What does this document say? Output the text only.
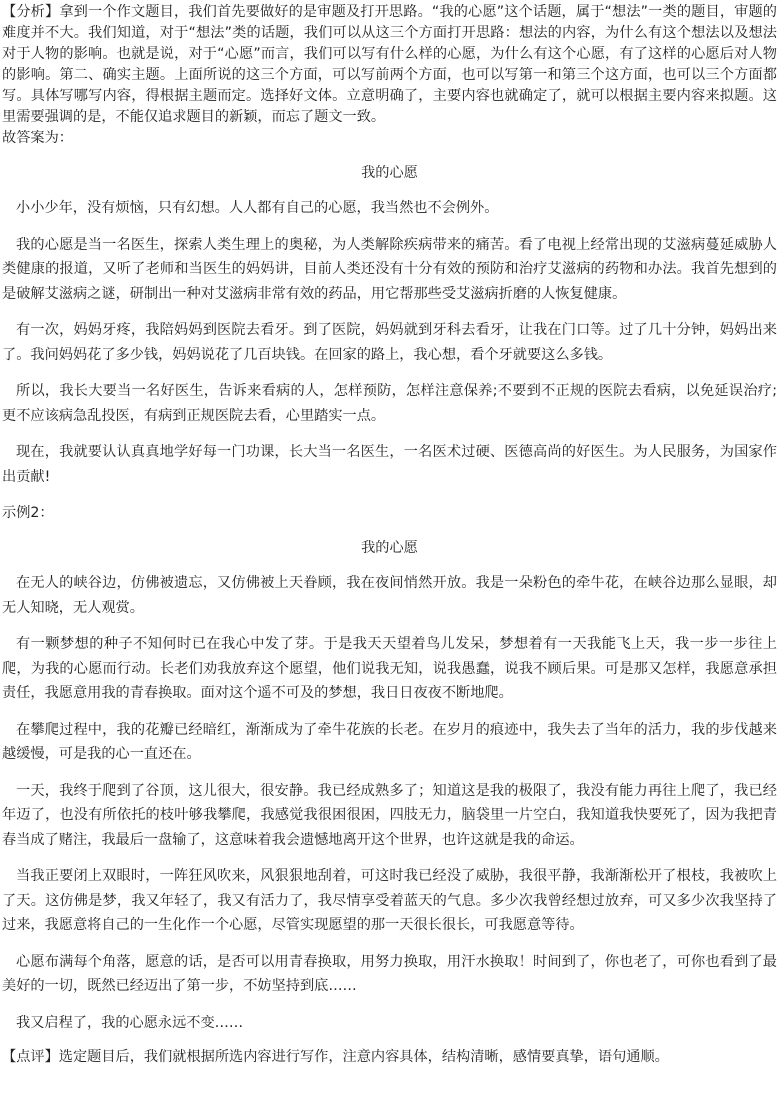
【分析】拿到一个作文题目，我们首先要做好的是审题及打开思路。“我的心愿”这个话题，属于“想法”一类的题目，审题的难度并不大。我们知道，对于“想法”类的话题，我们可以从这三个方面打开思路：想法的内容，为什么有这个想法以及想法对于人物的影响。也就是说，对于“心愿”而言，我们可以写有什么样的心愿，为什么有这个心愿，有了这样的心愿后对人物的影响。第二、确实主题。上面所说的这三个方面，可以写前两个方面，也可以写第一和第三个这方面，也可以三个方面都写。具体写哪写内容，得根据主题而定。选择好文体。立意明确了，主要内容也就确定了，就可以根据主要内容来拟题。这里需要强调的是，不能仅追求题目的新颖，而忘了题文一致。

故答案为：

我的心愿

小小少年，没有烦恼，只有幻想。人人都有自己的心愿，我当然也不会例外。

我的心愿是当一名医生，探索人类生理上的奥秘，为人类解除疾病带来的痛苦。看了电视上经常出现的艾滋病蔓延威胁人类健康的报道，又听了老师和当医生的妈妈讲，目前人类还没有十分有效的预防和治疗艾滋病的药物和办法。我首先想到的是破解艾滋病之谜，研制出一种对艾滋病非常有效的药品，用它帮那些受艾滋病折磨的人恢复健康。

有一次，妈妈牙疼，我陪妈妈到医院去看牙。到了医院，妈妈就到牙科去看牙，让我在门口等。过了几十分钟，妈妈出来了。我问妈妈花了多少钱，妈妈说花了几百块钱。在回家的路上，我心想，看个牙就要这么多钱。

所以，我长大要当一名好医生，告诉来看病的人，怎样预防，怎样注意保养;不要到不正规的医院去看病，以免延误治疗;更不应该病急乱投医，有病到正规医院去看，心里踏实一点。

现在，我就要认认真真地学好每一门功课，长大当一名医生，一名医术过硬、医德高尚的好医生。为人民服务，为国家作出贡献!

示例2：

我的心愿

在无人的峡谷边，仿佛被遗忘，又仿佛被上天眷顾，我在夜间悄然开放。我是一朵粉色的牵牛花，在峡谷边那么显眼，却无人知晓，无人观赏。

有一颗梦想的种子不知何时已在我心中发了芽。于是我天天望着鸟儿发呆，梦想着有一天我能飞上天，我一步一步往上爬，为我的心愿而行动。长老们劝我放弃这个愿望，他们说我无知，说我愚蠢，说我不顾后果。可是那又怎样，我愿意承担责任，我愿意用我的青春换取。面对这个遥不可及的梦想，我日日夜夜不断地爬。

在攀爬过程中，我的花瓣已经暗红，渐渐成为了牵牛花族的长老。在岁月的痕迹中，我失去了当年的活力，我的步伐越来越缓慢，可是我的心一直还在。

一天，我终于爬到了谷顶，这儿很大，很安静。我已经成熟多了；知道这是我的极限了，我没有能力再往上爬了，我已经年迈了，也没有所依托的枝叶够我攀爬，我感觉我很困很困，四肢无力，脑袋里一片空白，我知道我快要死了，因为我把青春当成了赌注，我最后一盘输了，这意味着我会遗憾地离开这个世界，也许这就是我的命运。

当我正要闭上双眼时，一阵狂风吹来，风狠狠地刮着，可这时我已经没了威胁，我很平静，我渐渐松开了根枝，我被吹上了天。这仿佛是梦，我又年轻了，我又有活力了，我尽情享受着蓝天的气息。多少次我曾经想过放弃，可又多少次我坚持了过来，我愿意将自己的一生化作一个心愿，尽管实现愿望的那一天很长很长，可我愿意等待。

心愿布满每个角落，愿意的话，是否可以用青春换取，用努力换取，用汗水换取！时间到了，你也老了，可你也看到了最美好的一切，既然已经迈出了第一步，不妨坚持到底……

我又启程了，我的心愿永远不变……

【点评】选定题目后，我们就根据所选内容进行写作，注意内容具体，结构清晰，感情要真挚，语句通顺。
